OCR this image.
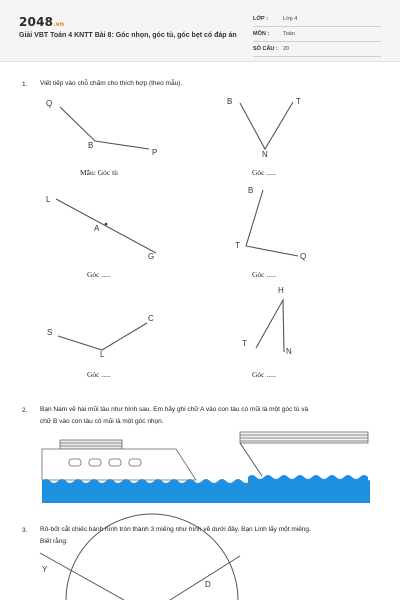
2048.vn
Giải VBT Toán 4 KNTT Bài 8: Góc nhọn, góc tù, góc bẹt có đáp án
LỚP :	Lớp 4
MÔN :	Toán
SỐ CÂU : 20
1. Viết tiếp vào chỗ chấm cho thích hợp (theo mẫu).
Q
B
P
Mẫu: Góc tù
B	T
N
Góc .....
L
A
G
Góc .....
B
T
Q
Góc .....
S
C
L
Góc .....
H
T
N
Góc .....
2. Bạn Nam vẽ hai mũi tàu như hình sau. Em hãy ghi chữ A vào con tàu có mũi là một góc tù và
chữ B vào con tàu có mũi là một góc nhọn.
3. Rô-bốt cắt chiếc bánh hình tròn thành 3 miếng như hình vẽ dưới đây. Bạn Linh lấy một miếng.
Biết rằng:
Y
D
